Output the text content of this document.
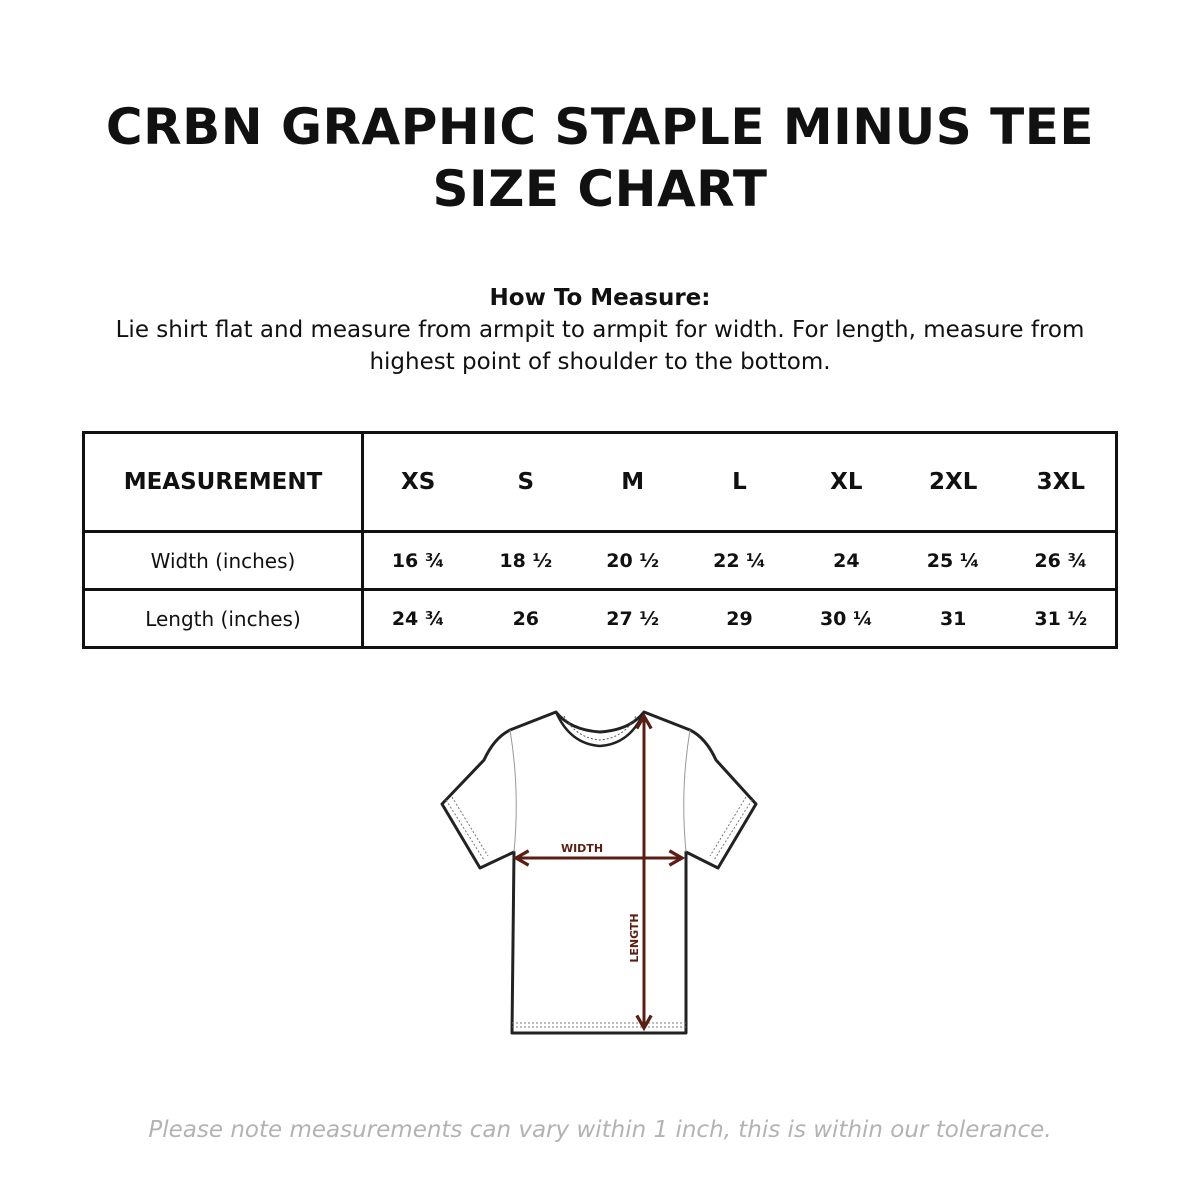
CRBN GRAPHIC STAPLE MINUS TEE
SIZE CHART
How To Measure:
Lie shirt flat and measure from armpit to armpit for width. For length, measure from highest point of shoulder to the bottom.
MEASUREMENT	XS	S	M	L	XL	2XL	3XL
Width (inches)	16 ¾	18 ½	20 ½	22 ¼	24	25 ¼	26 ¾
Length (inches)	24 ¾	26	27 ½	29	30 ¼	31	31 ½
WIDTH
LENGTH
Please note measurements can vary within 1 inch, this is within our tolerance.
